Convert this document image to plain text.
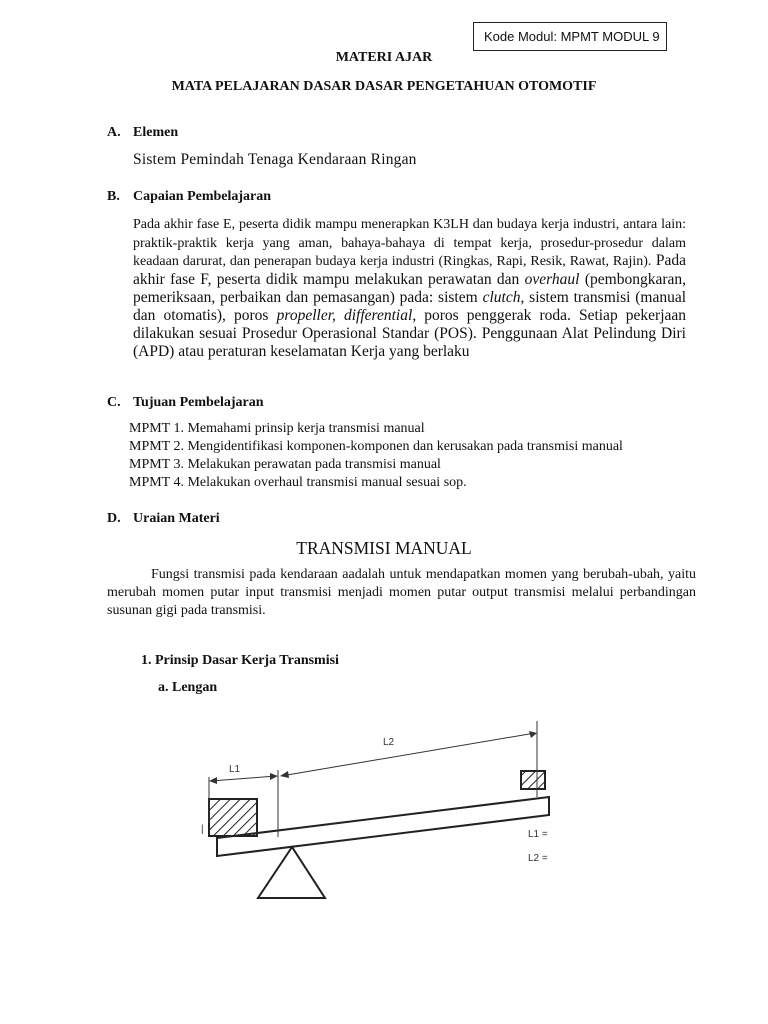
Kode Modul: MPMT MODUL 9
MATERI AJAR
MATA PELAJARAN DASAR DASAR PENGETAHUAN OTOMOTIF
A. Elemen
Sistem Pemindah Tenaga Kendaraan Ringan
B. Capaian Pembelajaran
Pada akhir fase E, peserta didik mampu menerapkan K3LH dan budaya kerja industri, antara lain: praktik-praktik kerja yang aman, bahaya-bahaya di tempat kerja, prosedur-prosedur dalam keadaan darurat, dan penerapan budaya kerja industri (Ringkas, Rapi, Resik, Rawat, Rajin). Pada akhir fase F, peserta didik mampu melakukan perawatan dan overhaul (pembongkaran, pemeriksaan, perbaikan dan pemasangan) pada: sistem clutch, sistem transmisi (manual dan otomatis), poros propeller, differential, poros penggerak roda. Setiap pekerjaan dilakukan sesuai Prosedur Operasional Standar (POS). Penggunaan Alat Pelindung Diri (APD) atau peraturan keselamatan Kerja yang berlaku
C. Tujuan Pembelajaran
MPMT 1. Memahami prinsip kerja transmisi manual
MPMT 2. Mengidentifikasi komponen-komponen dan kerusakan pada transmisi manual
MPMT 3. Melakukan perawatan pada transmisi manual
MPMT 4. Melakukan overhaul transmisi manual sesuai sop.
D. Uraian Materi
TRANSMISI MANUAL
Fungsi transmisi pada kendaraan aadalah untuk mendapatkan momen yang berubah-ubah, yaitu merubah momen putar input transmisi menjadi momen putar output transmisi melalui perbandingan susunan gigi pada transmisi.
1. Prinsip Dasar Kerja Transmisi
a. Lengan
L1
L2
L1 =
L2 =
|
